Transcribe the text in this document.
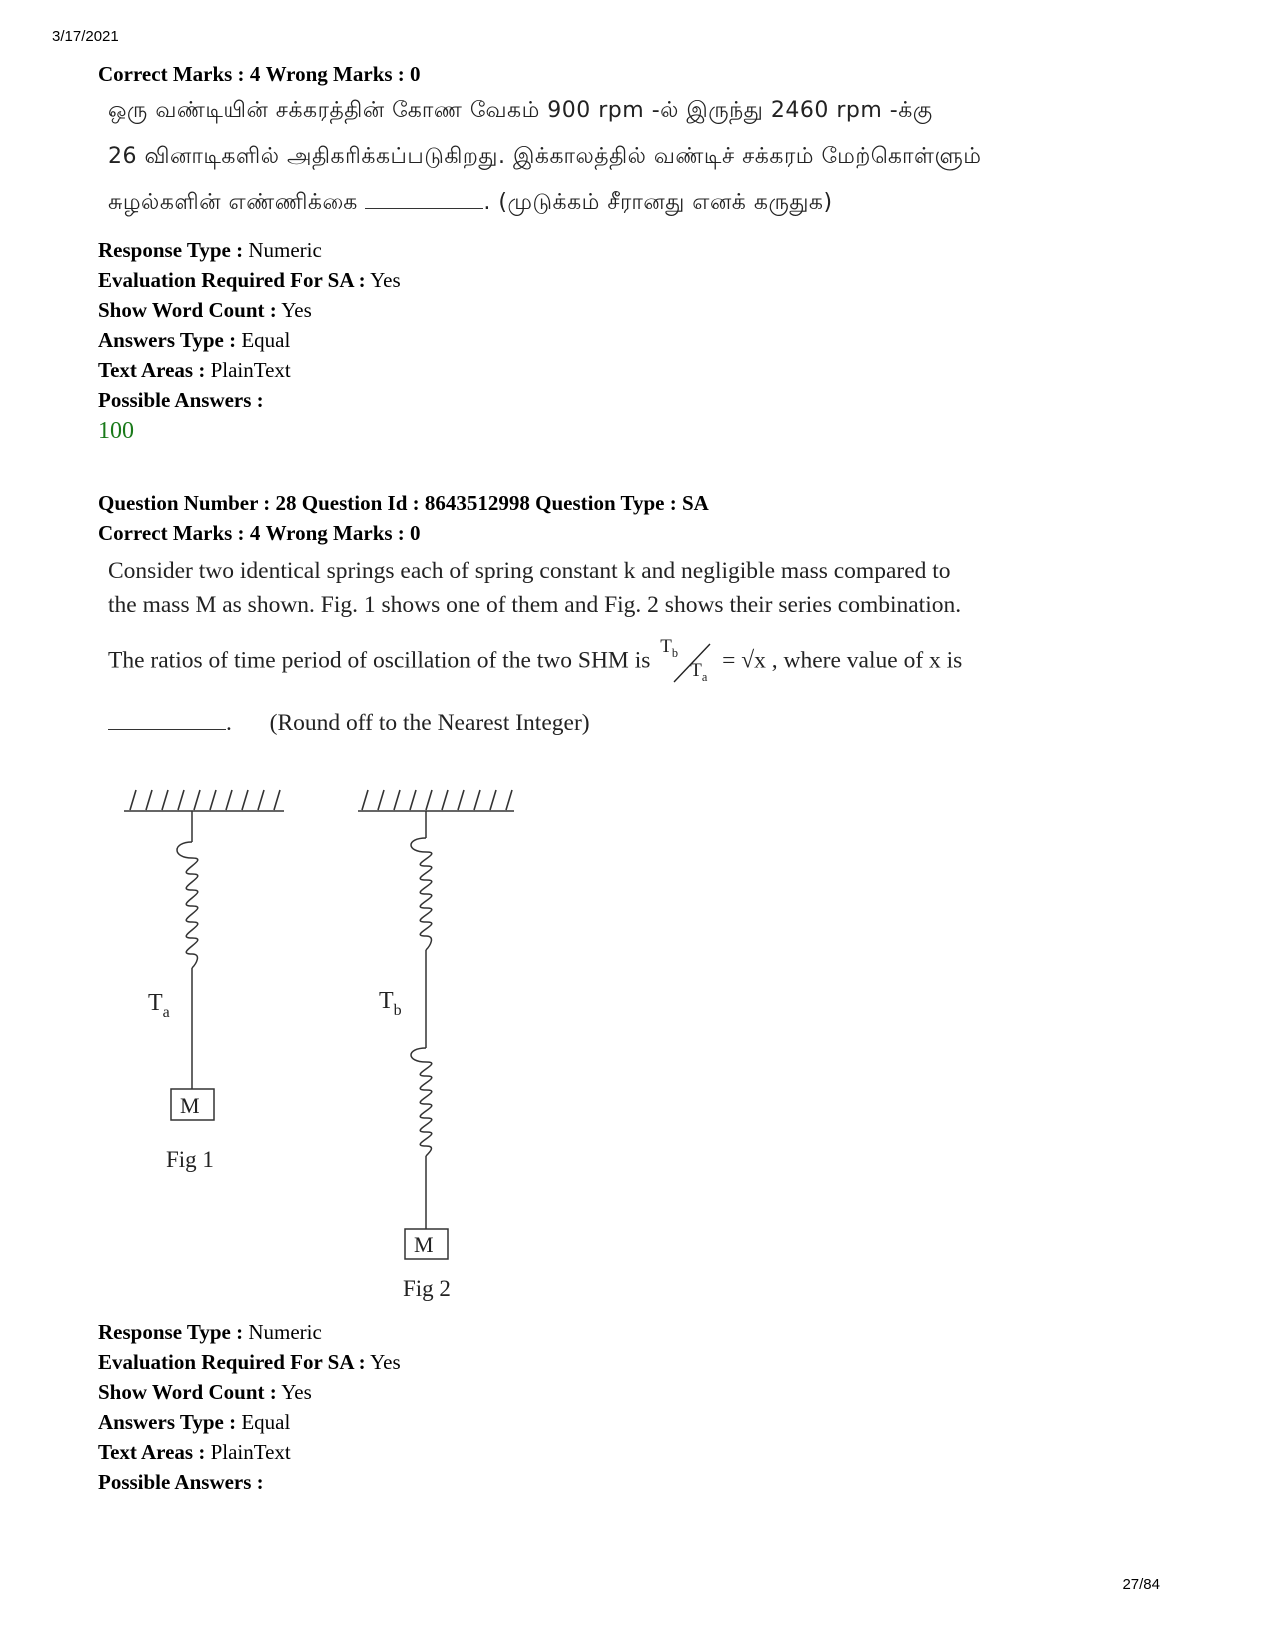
3/17/2021
Correct Marks : 4 Wrong Marks : 0
ஒரு வண்டியின் சக்கரத்தின் கோண வேகம் 900 rpm -ல் இருந்து 2460 rpm -க்கு
26 வினாடிகளில் அதிகரிக்கப்படுகிறது. இக்காலத்தில் வண்டிச் சக்கரம் மேற்கொள்ளும்
சுழல்களின் எண்ணிக்கை	. (முடுக்கம் சீரானது எனக் கருதுக)
Response Type : Numeric
Evaluation Required For SA : Yes
Show Word Count : Yes
Answers Type : Equal
Text Areas : PlainText
Possible Answers :
100
Question Number : 28 Question Id : 8643512998 Question Type : SA
Correct Marks : 4 Wrong Marks : 0
Consider two identical springs each of spring constant k and negligible mass compared to
the mass M as shown. Fig. 1 shows one of them and Fig. 2 shows their series combination.
The ratios of time period of oscillation of the two SHM is
$T_b$
$T_a$
= √x , where value of x is
. (Round off to the Nearest Integer)
$T_a$
M
Fig 1
$T_b$
M
Fig 2
Response Type : Numeric
Evaluation Required For SA : Yes
Show Word Count : Yes
Answers Type : Equal
Text Areas : PlainText
Possible Answers :
27/84
